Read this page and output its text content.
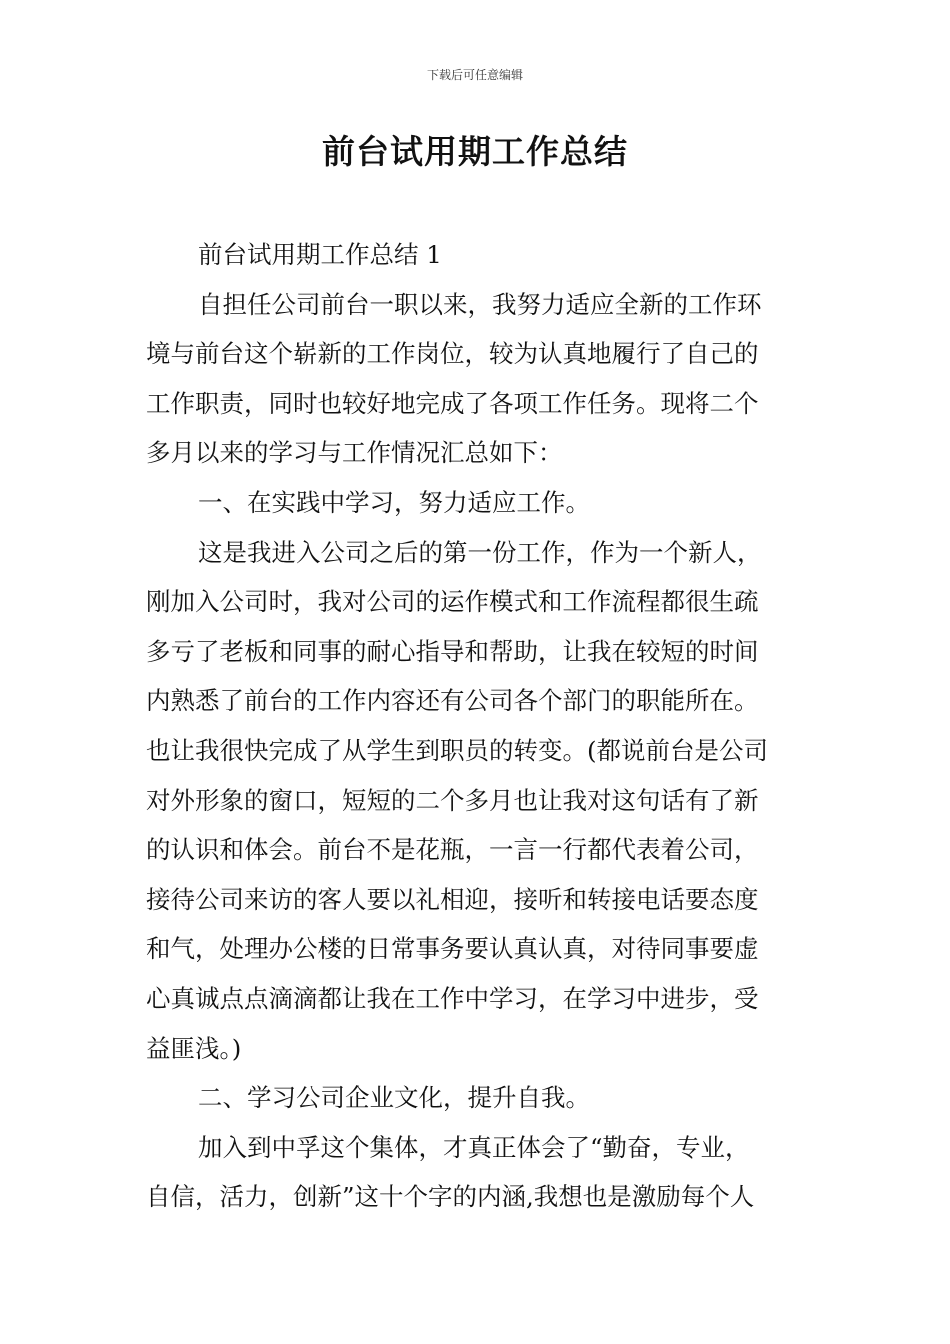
下载后可任意编辑
前台试用期工作总结
前台试用期工作总结 1
自担任公司前台一职以来，我努力适应全新的工作环
境与前台这个崭新的工作岗位，较为认真地履行了自己的
工作职责，同时也较好地完成了各项工作任务。现将二个
多月以来的学习与工作情况汇总如下：
一、在实践中学习，努力适应工作。
这是我进入公司之后的第一份工作，作为一个新人，
刚加入公司时，我对公司的运作模式和工作流程都很生疏
多亏了老板和同事的耐心指导和帮助，让我在较短的时间
内熟悉了前台的工作内容还有公司各个部门的职能所在。
也让我很快完成了从学生到职员的转变。(都说前台是公司
对外形象的窗口，短短的二个多月也让我对这句话有了新
的认识和体会。前台不是花瓶，一言一行都代表着公司，
接待公司来访的客人要以礼相迎，接听和转接电话要态度
和气，处理办公楼的日常事务要认真认真，对待同事要虚
心真诚点点滴滴都让我在工作中学习，在学习中进步，受
益匪浅。)
二、学习公司企业文化，提升自我。
加入到中孚这个集体，才真正体会了“勤奋，专业，
自信，活力，创新”这十个字的内涵,我想也是激励每个人
